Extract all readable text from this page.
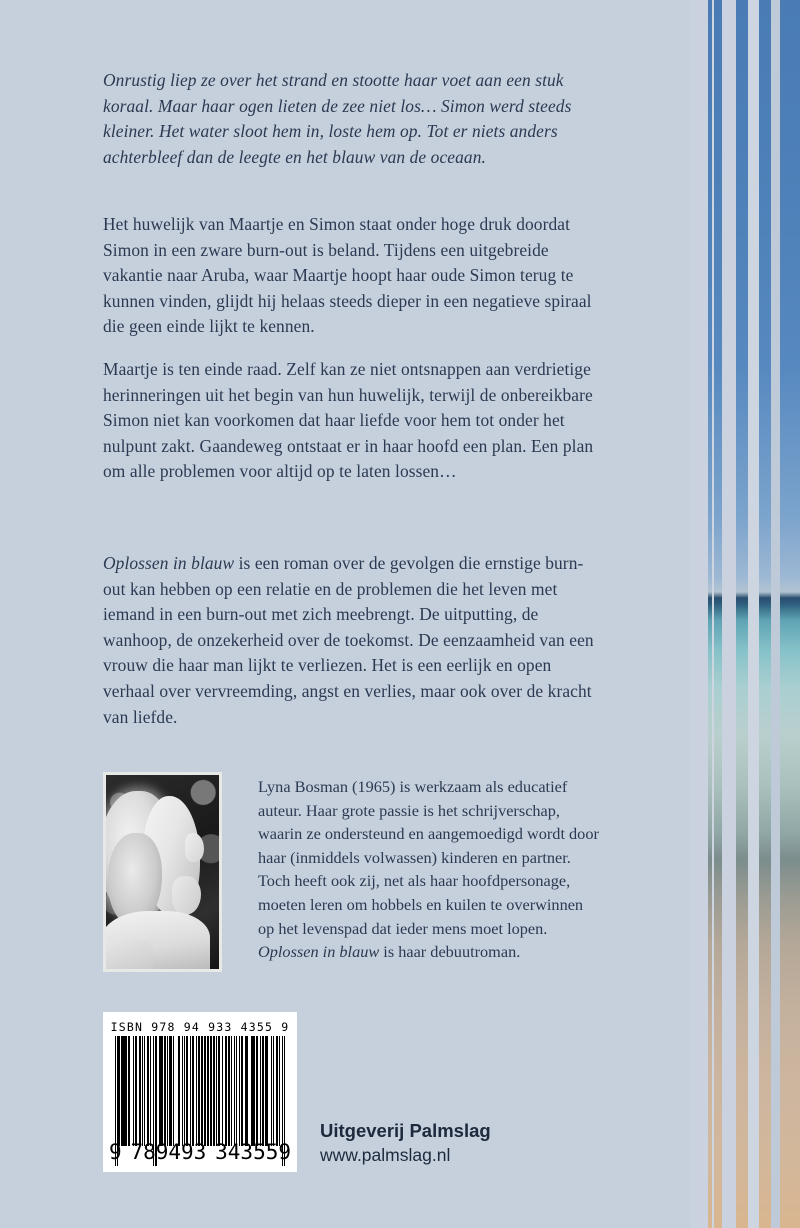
Onrustig liep ze over het strand en stootte haar voet aan een stuk koraal. Maar haar ogen lieten de zee niet los… Simon werd steeds kleiner. Het water sloot hem in, loste hem op. Tot er niets anders achterbleef dan de leegte en het blauw van de oceaan.

Het huwelijk van Maartje en Simon staat onder hoge druk doordat Simon in een zware burn-out is beland. Tijdens een uitgebreide vakantie naar Aruba, waar Maartje hoopt haar oude Simon terug te kunnen vinden, glijdt hij helaas steeds dieper in een negatieve spiraal die geen einde lijkt te kennen.

Maartje is ten einde raad. Zelf kan ze niet ontsnappen aan verdrietige herinneringen uit het begin van hun huwelijk, terwijl de onbereikbare Simon niet kan voorkomen dat haar liefde voor hem tot onder het nulpunt zakt. Gaandeweg ontstaat er in haar hoofd een plan. Een plan om alle problemen voor altijd op te laten lossen…

Oplossen in blauw is een roman over de gevolgen die ernstige burn-out kan hebben op een relatie en de problemen die het leven met iemand in een burn-out met zich meebrengt. De uitputting, de wanhoop, de onzekerheid over de toekomst. De eenzaamheid van een vrouw die haar man lijkt te verliezen. Het is een eerlijk en open verhaal over vervreemding, angst en verlies, maar ook over de kracht van liefde.

Lyna Bosman (1965) is werkzaam als educatief auteur. Haar grote passie is het schrijverschap, waarin ze ondersteund en aangemoedigd wordt door haar (inmiddels volwassen) kinderen en partner. Toch heeft ook zij, net als haar hoofdpersonage, moeten leren om hobbels en kuilen te overwinnen op het levenspad dat ieder mens moet lopen. Oplossen in blauw is haar debuutroman.

ISBN 978 94 933 4355 9
9 789493 343559
Uitgeverij Palmslag
www.palmslag.nl
